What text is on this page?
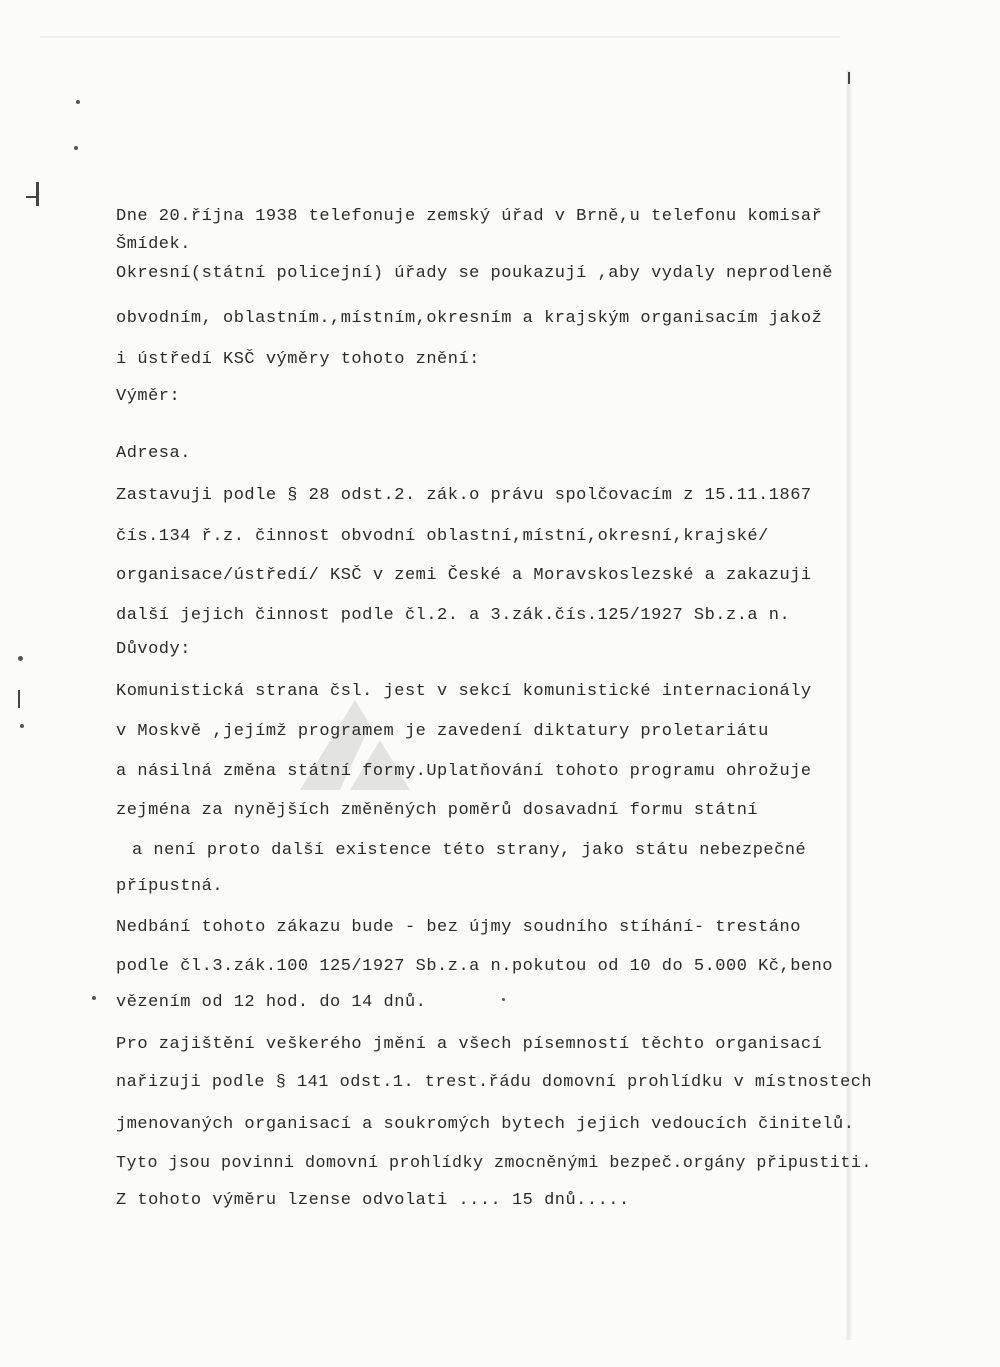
Dne 20.října 1938 telefonuje zemský úřad v Brně,u telefonu komisař
Šmídek.
Okresní(státní policejní) úřady se poukazují ,aby vydaly neprodleně
obvodním, oblastním.,místním,okresním a krajským organisacím jakož
i ústředí KSČ výměry tohoto znění:
Výměr:
Adresa.
Zastavuji podle § 28 odst.2. zák.o právu spolčovacím z 15.11.1867
čís.134 ř.z. činnost obvodní oblastní,místní,okresní,krajské/
organisace/ústředí/ KSČ v zemi České a Moravskoslezské a zakazuji
další jejich činnost podle čl.2. a 3.zák.čís.125/1927 Sb.z.a n.
Důvody:
Komunistická strana čsl. jest v sekcí komunistické internacionály
v Moskvě ,jejímž programem je zavedení diktatury proletariátu
a násilná změna státní formy.Uplatňování tohoto programu ohrožuje
zejména za nynějších změněných poměrů dosavadní formu státní
a není proto další existence této strany, jako státu nebezpečné
přípustná.
Nedbání tohoto zákazu bude - bez újmy soudního stíhání- trestáno
podle čl.3.zák.100 125/1927 Sb.z.a n.pokutou od 10 do 5.000 Kč,beno
vězením od 12 hod. do 14 dnů.
Pro zajištění veškerého jmění a všech písemností těchto organisací
nařizuji podle § 141 odst.1. trest.řádu domovní prohlídku v místnostech
jmenovaných organisací a soukromých bytech jejich vedoucích činitelů.
Tyto jsou povinni domovní prohlídky zmocněnými bezpeč.orgány připustiti.
Z tohoto výměru lzense odvolati .... 15 dnů.....
